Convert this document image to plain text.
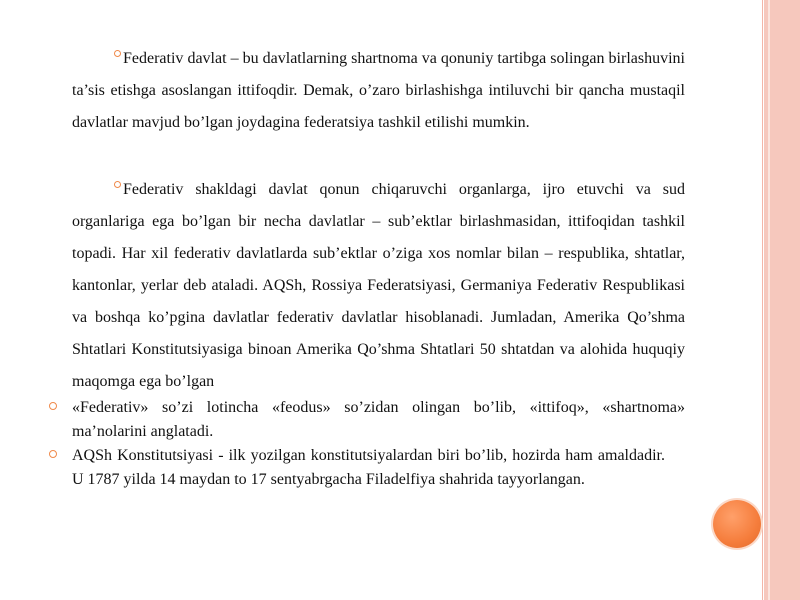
Federativ davlat – bu davlatlarning shartnoma va qonuniy tartibga solingan birlashuvini ta’sis etishga asoslangan ittifoqdir. Demak, o’zaro birlashishga intiluvchi bir qancha mustaqil davlatlar mavjud bo’lgan joydagina federatsiya tashkil etilishi mumkin.
Federativ shakldagi davlat qonun chiqaruvchi organlarga, ijro etuvchi va sud organlariga ega bo’lgan bir necha davlatlar – sub’ektlar birlashmasidan, ittifoqidan tashkil topadi. Har xil federativ davlatlarda sub’ektlar o’ziga xos nomlar bilan – respublika, shtatlar, kantonlar, yerlar deb ataladi. AQSh, Rossiya Federatsiyasi, Germaniya Federativ Respublikasi va boshqa ko’pgina davlatlar federativ davlatlar hisoblanadi. Jumladan, Amerika Qo’shma Shtatlari Konstitutsiyasiga binoan Amerika Qo’shma Shtatlari 50 shtatdan va alohida huquqiy maqomga ega bo’lgan
«Federativ» so’zi lotincha «feodus» so’zidan olingan bo’lib, «ittifoq», «shartnoma» ma’nolarini anglatadi.
AQSh Konstitutsiyasi - ilk yozilgan konstitutsiyalardan biri bo’lib, hozirda ham amaldadir. U 1787 yilda 14 maydan to 17 sentyabrgacha Filadelfiya shahrida tayyorlangan.
